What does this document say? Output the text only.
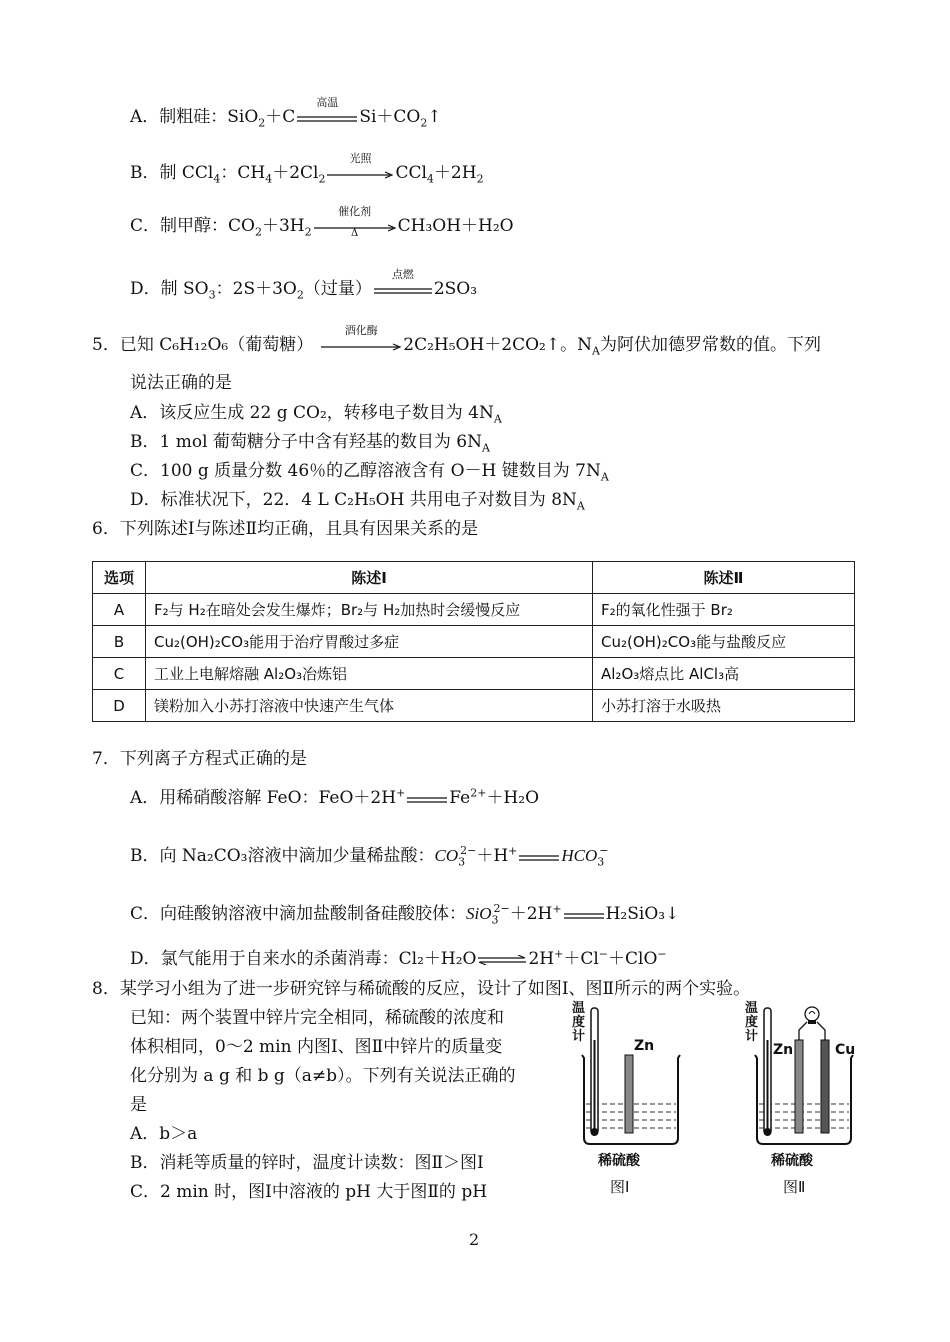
A．制粗硅：SiO$_2$＋C
高温
$Si+CO_2↑$
B．制 CCl$_4$：$CH_4+2Cl_2$
光照
$CCl_4+2H_2$
C．制甲醇：$CO_2+3H_2$
催化剂
Δ	CH₃OH＋H₂O
D．制 $SO_3$：$2S+3O_2$（过量）
点燃
2SO₃
5．已知 C₆H₁₂O₆（葡萄糖）
酒化酶
2C₂H₅OH＋2CO₂↑。$N_A$为阿伏加德罗常数的值。下列
说法正确的是
A．该反应生成 22 g CO₂，转移电子数目为 $4N_A$
B．1 mol 葡萄糖分子中含有羟基的数目为 $6N_A$
C．100 g 质量分数 46％的乙醇溶液含有 O－H 键数目为 $7N_A$
D．标准状况下，22．4 L C₂H₅OH 共用电子对数目为 $8N_A$
6．下列陈述Ⅰ与陈述Ⅱ均正确，且具有因果关系的是
选项	陈述Ⅰ	陈述Ⅱ
A	F₂与 H₂在暗处会发生爆炸；Br₂与 H₂加热时会缓慢反应	F₂的氧化性强于 Br₂
B	Cu₂(OH)₂CO₃能用于治疗胃酸过多症	Cu₂(OH)₂CO₃能与盐酸反应
C	工业上电解熔融 Al₂O₃冶炼铝	Al₂O₃熔点比 AlCl₃高
D	镁粉加入小苏打溶液中快速产生气体	小苏打溶于水吸热
7．下列离子方程式正确的是
A．用稀硝酸溶解 FeO：FeO＋2H+	$Fe^{2+}+H_2O$
B．向 Na₂CO₃溶液中滴加少量稀盐酸：$CO_3^{2-}+H^+$	$HCO_3^-$
C．向硅酸钠溶液中滴加盐酸制备硅酸胶体：SiO$_3^{2-}$＋2H+	H₂SiO₃↓
D．氯气能用于自来水的杀菌消毒：Cl₂＋H₂O	2H+＋Cl−＋ClO−
8．某学习小组为了进一步研究锌与稀硫酸的反应，设计了如图Ⅰ、图Ⅱ所示的两个实验。
已知：两个装置中锌片完全相同，稀硫酸的浓度和
体积相同，0～2 min 内图Ⅰ、图Ⅱ中锌片的质量变
化分别为 a g 和 b g（a≠b）。下列有关说法正确的
是
A．b＞a
B．消耗等质量的锌时，温度计读数：图Ⅱ＞图Ⅰ
C．2 min 时，图Ⅰ中溶液的 pH 大于图Ⅱ的 pH
温度计
Zn
稀硫酸
图Ⅰ
温度计
Zn	Cu
稀硫酸
图Ⅱ
2
